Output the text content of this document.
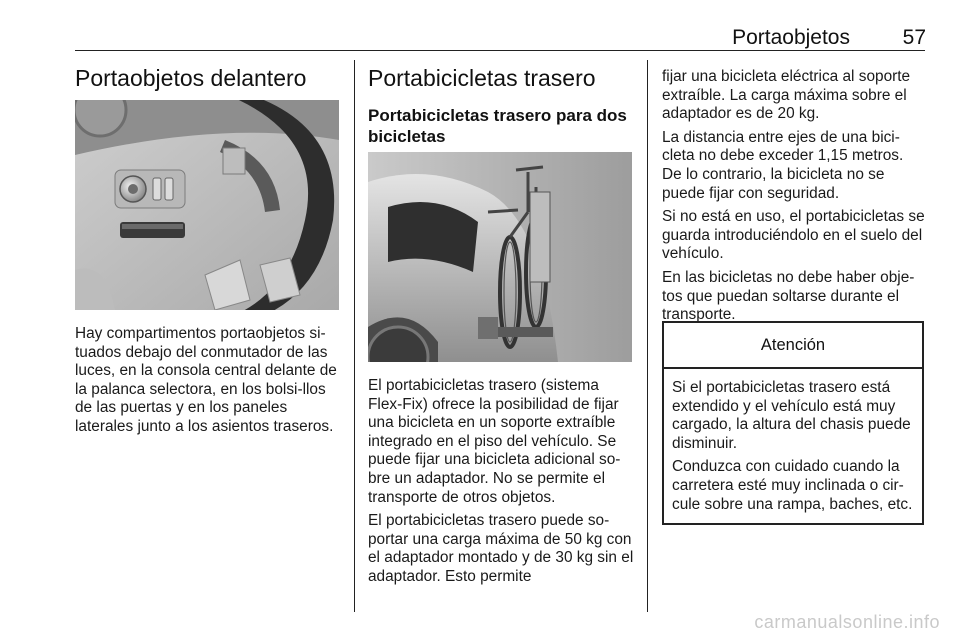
Portaobjetos	57
Portaobjetos delantero

Hay compartimentos portaobjetos si-tuados debajo del conmutador de las luces, en la consola central delante de la palanca selectora, en los bolsi-llos de las puertas y en los paneles laterales junto a los asientos traseros.

Portabicicletas trasero
Portabicicletas trasero para dos bicicletas

El portabicicletas trasero (sistema Flex-Fix) ofrece la posibilidad de fijar una bicicleta en un soporte extraíble integrado en el piso del vehículo. Se puede fijar una bicicleta adicional so-bre un adaptador. No se permite el transporte de otros objetos.

El portabicicletas trasero puede so-portar una carga máxima de 50 kg con el adaptador montado y de 30 kg sin el adaptador. Esto permite

fijar una bicicleta eléctrica al soporte extraíble. La carga máxima sobre el adaptador es de 20 kg.

La distancia entre ejes de una bici-cleta no debe exceder 1,15 metros. De lo contrario, la bicicleta no se puede fijar con seguridad.

Si no está en uso, el portabicicletas se guarda introduciéndolo en el suelo del vehículo.

En las bicicletas no debe haber obje-tos que puedan soltarse durante el transporte.

Atención

Si el portabicicletas trasero está extendido y el vehículo está muy cargado, la altura del chasis puede disminuir.

Conduzca con cuidado cuando la carretera esté muy inclinada o cir-cule sobre una rampa, baches, etc.

carmanualsonline.info
